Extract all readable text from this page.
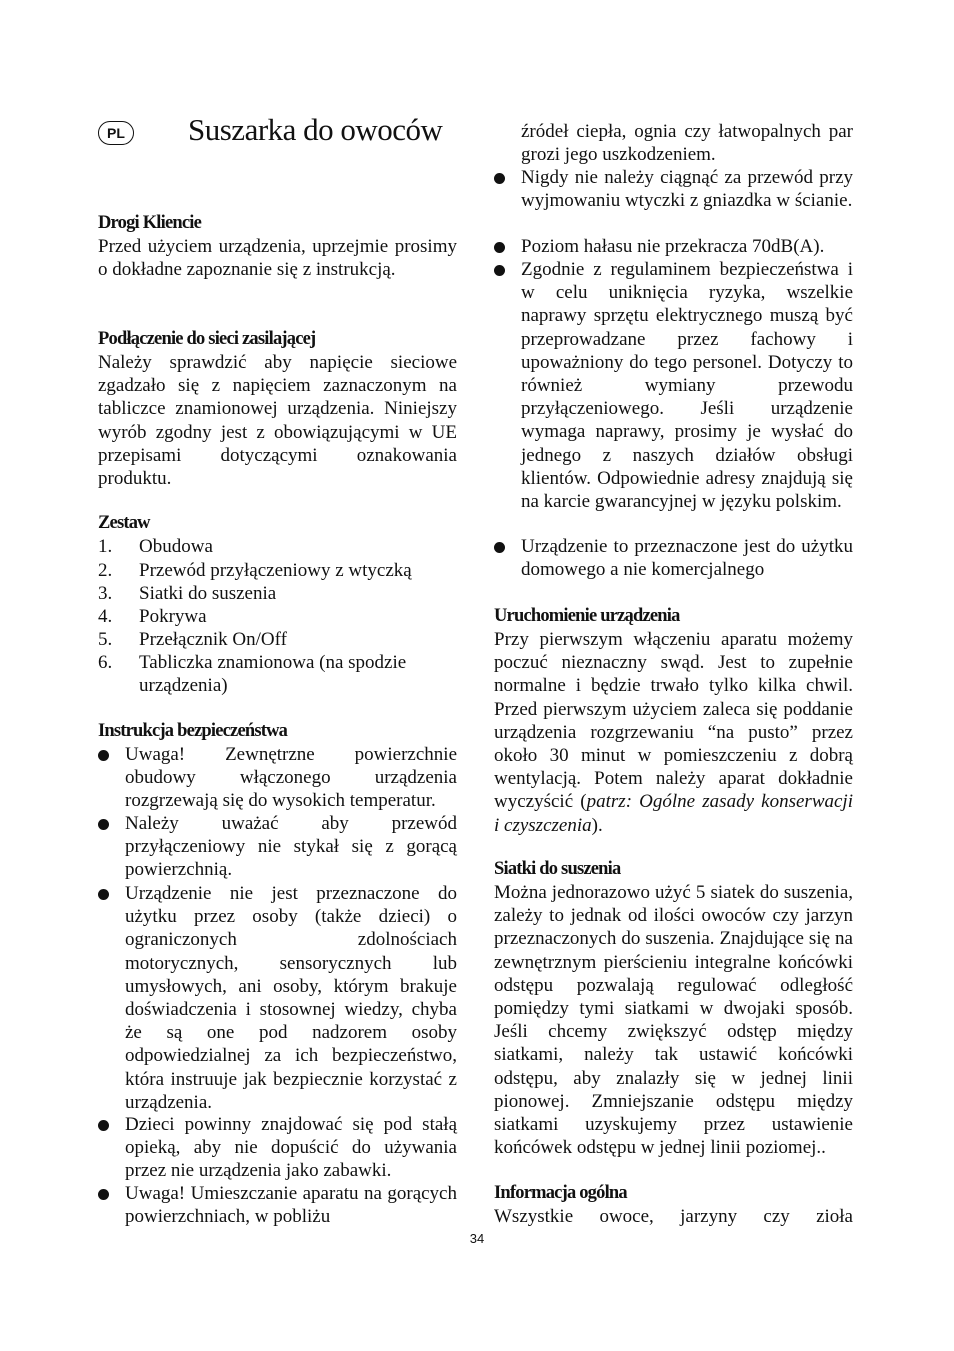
PL Suszarka do owoców
Drogi Kliencie

Przed użyciem urządzenia, uprzejmie prosimy o dokładne zapoznanie się z instrukcją.

Podłączenie do sieci zasilającej

Należy sprawdzić aby napięcie sieciowe zgadzało się z napięciem zaznaczonym na tabliczce znamionowej urządzenia. Niniejszy wyrób zgodny jest z obowiązującymi w UE przepisami dotyczącymi oznakowania produktu.

Zestaw
1. Obudowa
2. Przewód przyłączeniowy z wtyczką
3. Siatki do suszenia
4. Pokrywa
5. Przełącznik On/Off
6. Tabliczka znamionowa (na spodzie urządzenia)
Instrukcja bezpieczeństwa
Uwaga! Zewnętrzne powierzchnie obudowy włączonego urządzenia rozgrzewają się do wysokich temperatur.
Należy uważać aby przewód przyłączeniowy nie stykał się z gorącą powierzchnią.
Urządzenie nie jest przeznaczone do użytku przez osoby (także dzieci) o ograniczonych zdolnościach motorycznych, sensorycznych lub umysłowych, ani osoby, którym brakuje doświadczenia i stosownej wiedzy, chyba że są one pod nadzorem osoby odpowiedzialnej za ich bezpieczeństwo, która instruuje jak bezpiecznie korzystać z urządzenia.
Dzieci powinny znajdować się pod stałą opieką, aby nie dopuścić do używania przez nie urządzenia jako zabawki.
Uwaga! Umieszczanie aparatu na gorących powierzchniach, w pobliżu

źródeł ciepła, ognia czy łatwopalnych par grozi jego uszkodzeniem.

Nigdy nie należy ciągnąć za przewód przy wyjmowaniu wtyczki z gniazdka w ścianie.
Poziom hałasu nie przekracza 70dB(A).
Zgodnie z regulaminem bezpieczeństwa i w celu uniknięcia ryzyka, wszelkie naprawy sprzętu elektrycznego muszą być przeprowadzane przez fachowy i upoważniony do tego personel. Dotyczy to również wymiany przewodu przyłączeniowego. Jeśli urządzenie wymaga naprawy, prosimy je wysłać do jednego z naszych działów obsługi klientów. Odpowiednie adresy znajdują się na karcie gwarancyjnej w języku polskim.
Urządzenie to przeznaczone jest do użytku domowego a nie komercjalnego
Uruchomienie urządzenia

Przy pierwszym włączeniu aparatu możemy poczuć nieznaczny swąd. Jest to zupełnie normalne i będzie trwało tylko kilka chwil. Przed pierwszym użyciem zaleca się poddanie urządzenia rozgrzewaniu “na pusto” przez około 30 minut w pomieszczeniu z dobrą wentylacją. Potem należy aparat dokładnie wyczyścić (patrz: Ogólne zasady konserwacji i czyszczenia).

Siatki do suszenia

Można jednorazowo użyć 5 siatek do suszenia, zależy to jednak od ilości owoców czy jarzyn przeznaczonych do suszenia. Znajdujące się na zewnętrznym pierścieniu integralne końcówki odstępu pozwalają regulować odległość pomiędzy tymi siatkami w dwojaki sposób. Jeśli chcemy zwiększyć odstęp między siatkami, należy tak ustawić końcówki odstępu, aby znalazły się w jednej linii pionowej. Zmniejszanie odstępu między siatkami uzyskujemy przez ustawienie końcówek odstępu w jednej linii poziomej..

Informacja ogólna

Wszystkie owoce, jarzyny czy zioła

34
